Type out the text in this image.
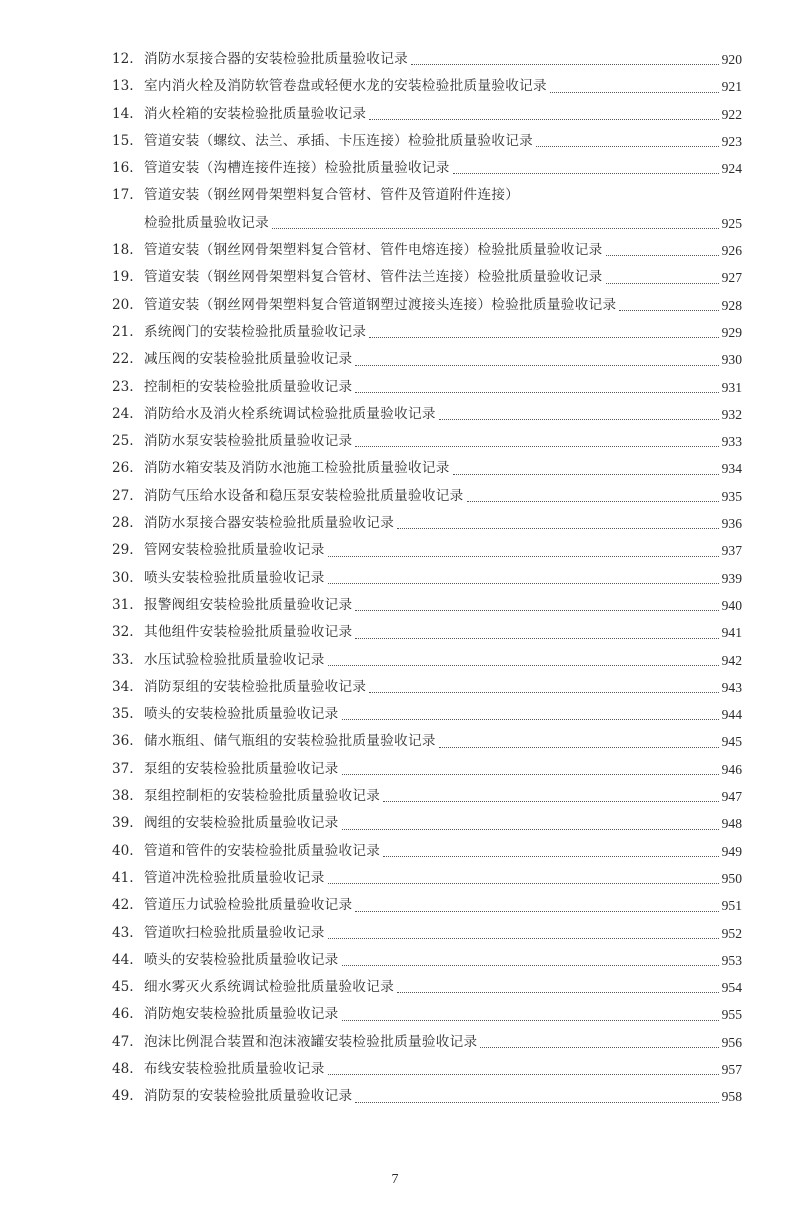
12. 消防水泵接合器的安装检验批质量验收记录	920
13. 室内消火栓及消防软管卷盘或轻便水龙的安装检验批质量验收记录	921
14. 消火栓箱的安装检验批质量验收记录	922
15. 管道安装（螺纹、法兰、承插、卡压连接）检验批质量验收记录	923
16. 管道安装（沟槽连接件连接）检验批质量验收记录	924
17. 管道安装（钢丝网骨架塑料复合管材、管件及管道附件连接）
检验批质量验收记录	925
18. 管道安装（钢丝网骨架塑料复合管材、管件电熔连接）检验批质量验收记录	926
19. 管道安装（钢丝网骨架塑料复合管材、管件法兰连接）检验批质量验收记录	927
20. 管道安装（钢丝网骨架塑料复合管道钢塑过渡接头连接）检验批质量验收记录	928
21. 系统阀门的安装检验批质量验收记录	929
22. 减压阀的安装检验批质量验收记录	930
23. 控制柜的安装检验批质量验收记录	931
24. 消防给水及消火栓系统调试检验批质量验收记录	932
25. 消防水泵安装检验批质量验收记录	933
26. 消防水箱安装及消防水池施工检验批质量验收记录	934
27. 消防气压给水设备和稳压泵安装检验批质量验收记录	935
28. 消防水泵接合器安装检验批质量验收记录	936
29. 管网安装检验批质量验收记录	937
30. 喷头安装检验批质量验收记录	939
31. 报警阀组安装检验批质量验收记录	940
32. 其他组件安装检验批质量验收记录	941
33. 水压试验检验批质量验收记录	942
34. 消防泵组的安装检验批质量验收记录	943
35. 喷头的安装检验批质量验收记录	944
36. 储水瓶组、储气瓶组的安装检验批质量验收记录	945
37. 泵组的安装检验批质量验收记录	946
38. 泵组控制柜的安装检验批质量验收记录	947
39. 阀组的安装检验批质量验收记录	948
40. 管道和管件的安装检验批质量验收记录	949
41. 管道冲洗检验批质量验收记录	950
42. 管道压力试验检验批质量验收记录	951
43. 管道吹扫检验批质量验收记录	952
44. 喷头的安装检验批质量验收记录	953
45. 细水雾灭火系统调试检验批质量验收记录	954
46. 消防炮安装检验批质量验收记录	955
47. 泡沫比例混合装置和泡沫液罐安装检验批质量验收记录	956
48. 布线安装检验批质量验收记录	957
49. 消防泵的安装检验批质量验收记录	958
7
